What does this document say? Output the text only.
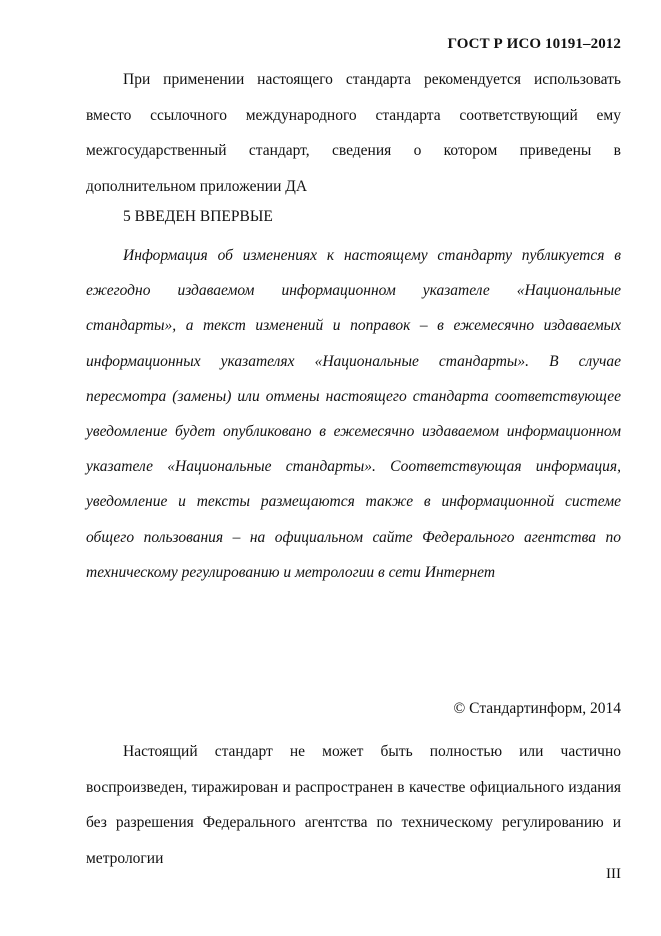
ГОСТ Р ИСО 10191–2012

При применении настоящего стандарта рекомендуется использовать вместо ссылочного международного стандарта соответствующий ему межгосударственный стандарт, сведения о котором приведены в дополнительном приложении ДА

5 ВВЕДЕН ВПЕРВЫЕ

Информация об изменениях к настоящему стандарту публикуется в ежегодно издаваемом информационном указателе «Национальные стандарты», а текст изменений и поправок – в ежемесячно издаваемых информационных указателях «Национальные стандарты». В случае пересмотра (замены) или отмены настоящего стандарта соответствующее уведомление будет опубликовано в ежемесячно издаваемом информационном указателе «Национальные стандарты». Соответствующая информация, уведомление и тексты размещаются также в информационной системе общего пользования – на официальном сайте Федерального агентства по техническому регулированию и метрологии в сети Интернет

© Стандартинформ, 2014

Настоящий стандарт не может быть полностью или частично воспроизведен, тиражирован и распространен в качестве официального издания без разрешения Федерального агентства по техническому регулированию и метрологии

III
